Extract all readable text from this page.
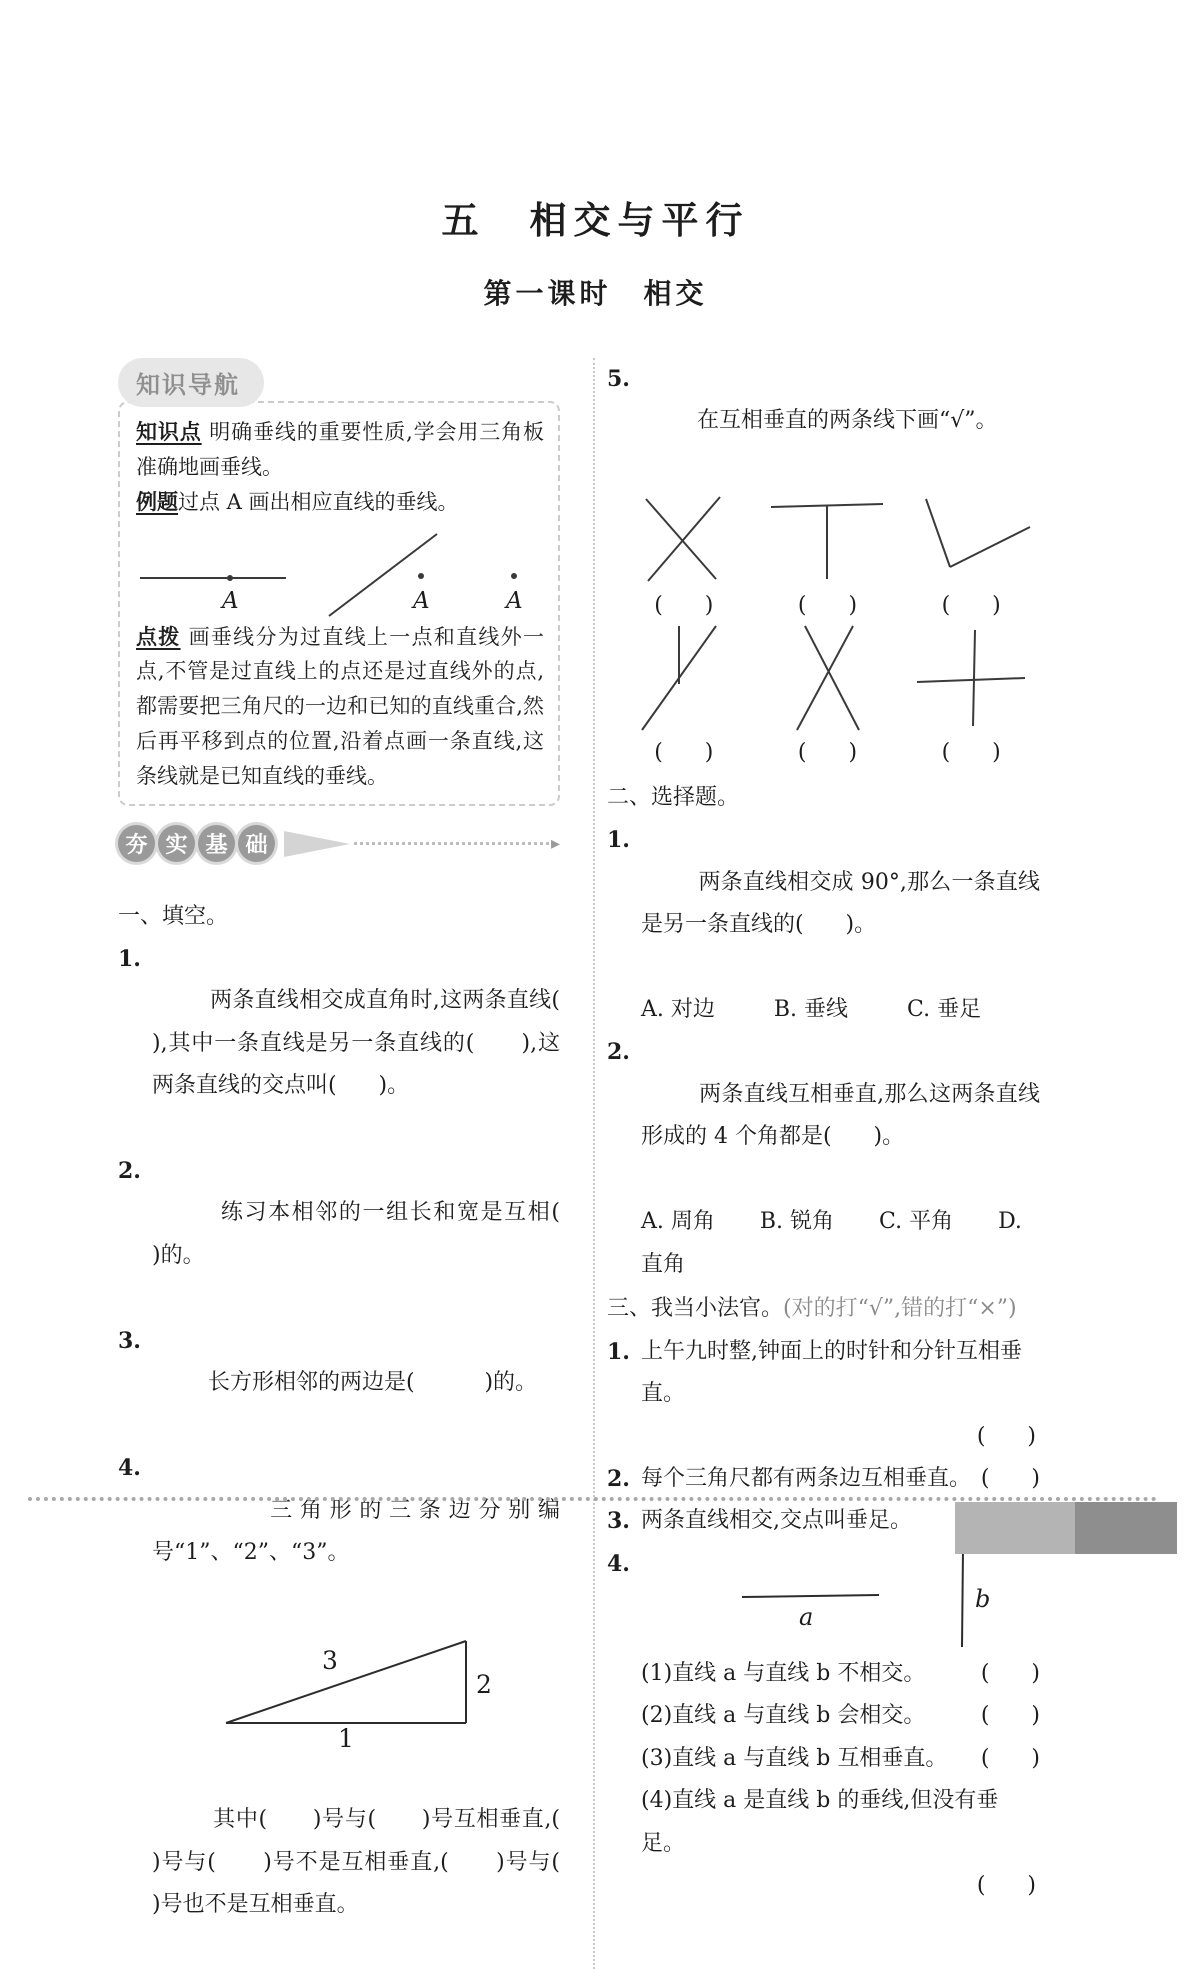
五　相交与平行
第一课时　相交
知识导航

知识点 明确垂线的重要性质,学会用三角板准确地画垂线。

例题过点 A 画出相应直线的垂线。

A	A	A

点拨 画垂线分为过直线上一点和直线外一点,不管是过直线上的点还是过直线外的点,都需要把三角尺的一边和已知的直线重合,然后再平移到点的位置,沿着点画一条直线,这条线就是已知直线的垂线。

夯 实 基 础	▸
一、填空。

1.
两条直线相交成直角时,这两条直线(              ),其中一条直线是另一条直线的(      ),这两条直线的交点叫(      )。

2.
练习本相邻的一组长和宽是互相(      )的。

3.
长方形相邻的两边是(          )的。

4.
三角形的三条边分别编号“1”、“2”、“3”。

3
2
1

其中(      )号与(      )号互相垂直,(      )号与(      )号不是互相垂直,(      )号与(      )号也不是互相垂直。

5.
在互相垂直的两条线下画“√”。

(      )	(      )	(      )
(      )	(      )	(      )
二、选择题。

1.
两条直线相交成 90°,那么一条直线是另一条直线的(      )。

A. 对边	B. 垂线	C. 垂足

2.
两条直线互相垂直,那么这两条直线形成的 4 个角都是(      )。

A. 周角 B. 锐角 C. 平角 D. 直角
三、我当小法官。(对的打“√”,错的打“×”)
1. 上午九时整,钟面上的时针和分针互相垂直。
(      )
2. 每个三角尺都有两条边互相垂直。 (      )
3. 两条直线相交,交点叫垂足。
4.
a
b
(1)直线 a 与直线 b 不相交。	(      )
(2)直线 a 与直线 b 会相交。	(      )
(3)直线 a 与直线 b 互相垂直。 (      )
(4)直线 a 是直线 b 的垂线,但没有垂足。
(      )
